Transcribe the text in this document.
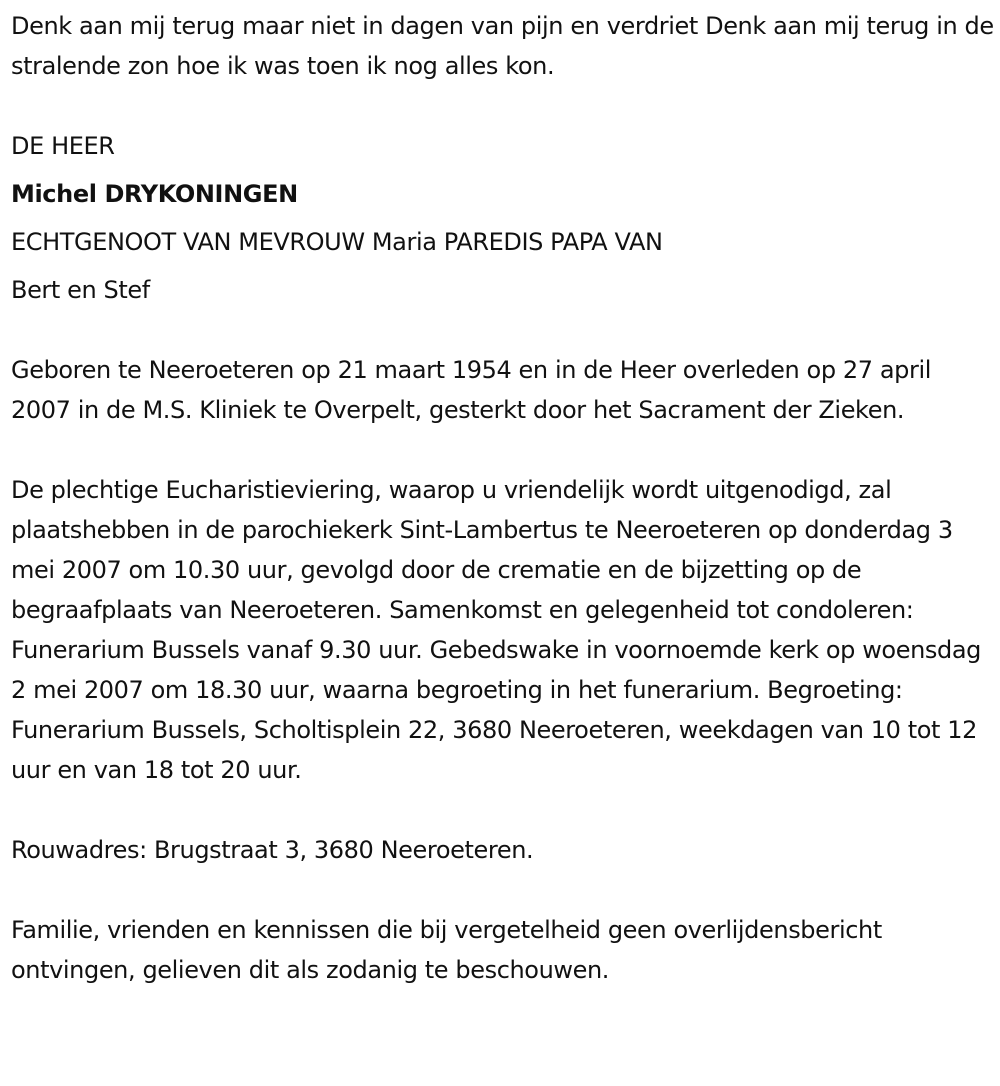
Denk aan mij terug maar niet in dagen van pijn en verdriet Denk aan mij terug in de stralende zon hoe ik was toen ik nog alles kon.

DE HEER

Michel DRYKONINGEN

ECHTGENOOT VAN MEVROUW Maria PAREDIS PAPA VAN

Bert en Stef

Geboren te Neeroeteren op 21 maart 1954 en in de Heer overleden op 27 april 2007 in de M.S. Kliniek te Overpelt, gesterkt door het Sacrament der Zieken.

De plechtige Eucharistieviering, waarop u vriendelijk wordt uitgenodigd, zal plaatshebben in de parochiekerk Sint-Lambertus te Neeroeteren op donderdag 3 mei 2007 om 10.30 uur, gevolgd door de crematie en de bijzetting op de begraafplaats van Neeroeteren. Samenkomst en gelegenheid tot condoleren: Funerarium Bussels vanaf 9.30 uur. Gebedswake in voornoemde kerk op woensdag 2 mei 2007 om 18.30 uur, waarna begroeting in het funerarium. Begroeting: Funerarium Bussels, Scholtisplein 22, 3680 Neeroeteren, weekdagen van 10 tot 12 uur en van 18 tot 20 uur.

Rouwadres: Brugstraat 3, 3680 Neeroeteren.

Familie, vrienden en kennissen die bij vergetelheid geen overlijdensbericht ontvingen, gelieven dit als zodanig te beschouwen.
